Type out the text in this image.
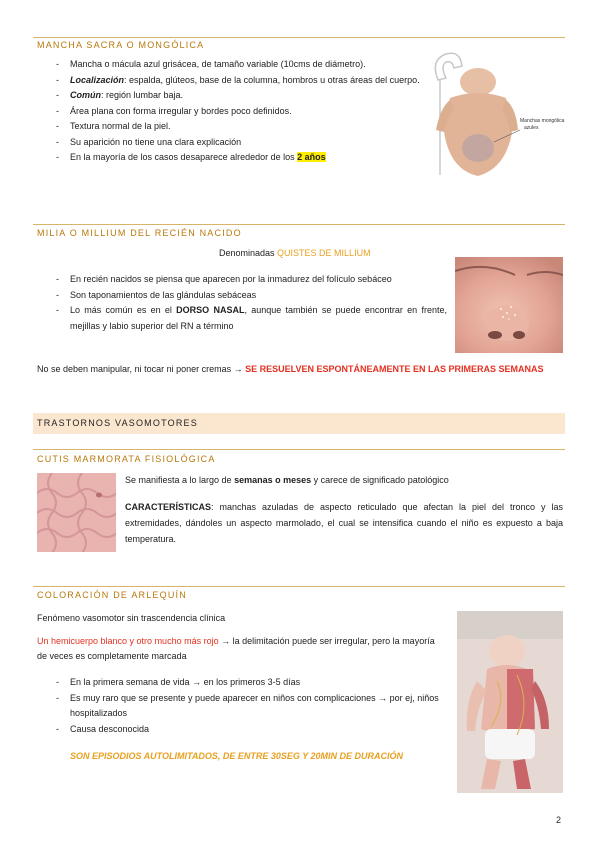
MANCHA SACRA O MONGÓLICA
- Mancha o mácula azul grisácea, de tamaño variable (10cms de diámetro).
- Localización: espalda, glúteos, base de la columna, hombros u otras áreas del cuerpo.
- Común: región lumbar baja.
- Área plana con forma irregular y bordes poco definidos.
- Textura normal de la piel.
- Su aparición no tiene una clara explicación
- En la mayoría de los casos desaparece alrededor de los 2 años
Manchas mongólica
azules
MILIA O MILLIUM DEL RECIÉN NACIDO
Denominadas QUISTES DE MILLIUM
- En recién nacidos se piensa que aparecen por la inmadurez del folículo sebáceo
- Son taponamientos de las glándulas sebáceas
- Lo más común es en el DORSO NASAL, aunque también se puede encontrar en frente, mejillas y labio superior del RN a término
No se deben manipular, ni tocar ni poner cremas → SE RESUELVEN ESPONTÁNEAMENTE EN LAS PRIMERAS SEMANAS
TRASTORNOS VASOMOTORES
CUTIS MARMORATA FISIOLÓGICA
Se manifiesta a lo largo de semanas o meses y carece de significado patológico
CARACTERÍSTICAS: manchas azuladas de aspecto reticulado que afectan la piel del tronco y las extremidades, dándoles un aspecto marmolado, el cual se intensifica cuando el niño es expuesto a baja temperatura.
COLORACIÓN DE ARLEQUÍN
Fenómeno vasomotor sin trascendencia clínica
Un hemicuerpo blanco y otro mucho más rojo → la delimitación puede ser irregular, pero la mayoría de veces es completamente marcada
- En la primera semana de vida → en los primeros 3-5 días
- Es muy raro que se presente y puede aparecer en niños con complicaciones → por ej, niños hospitalizados
- Causa desconocida
SON EPISODIOS AUTOLIMITADOS, DE ENTRE 30SEG Y 20MIN DE DURACIÓN
2
